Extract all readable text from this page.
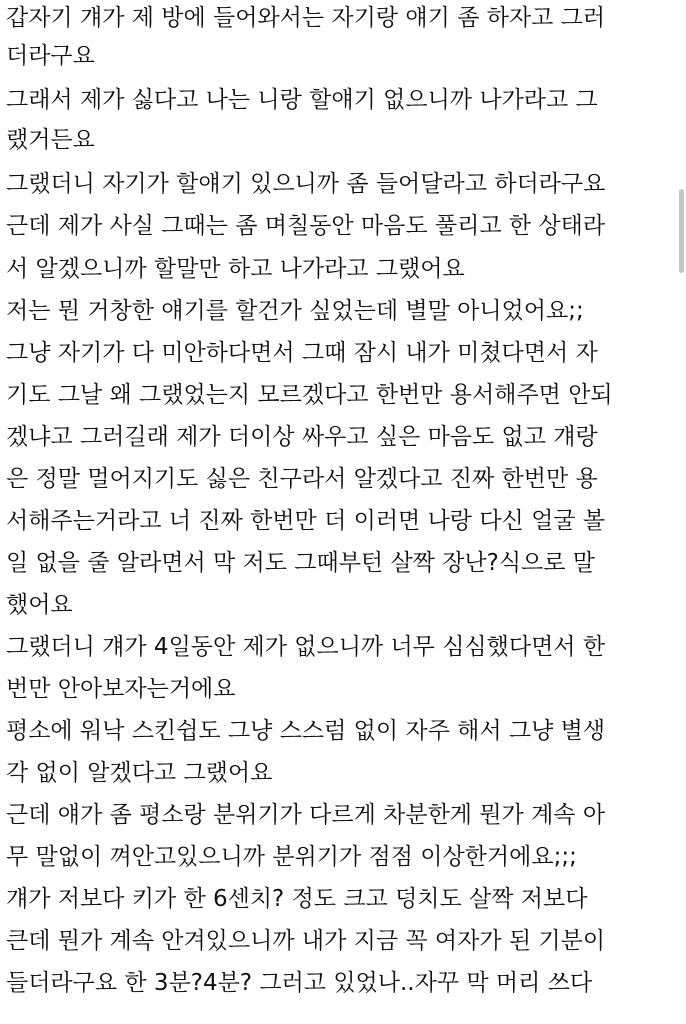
갑자기 걔가 제 방에 들어와서는 자기랑 얘기 좀 하자고 그러
더라구요
그래서 제가 싫다고 나는 니랑 할얘기 없으니까 나가라고 그
랬거든요
그랬더니 자기가 할얘기 있으니까 좀 들어달라고 하더라구요
근데 제가 사실 그때는 좀 며칠동안 마음도 풀리고 한 상태라
서 알겠으니까 할말만 하고 나가라고 그랬어요
저는 뭔 거창한 얘기를 할건가 싶었는데 별말 아니었어요;;
그냥 자기가 다 미안하다면서 그때 잠시 내가 미쳤다면서 자
기도 그날 왜 그랬었는지 모르겠다고 한번만 용서해주면 안되
겠냐고 그러길래 제가 더이상 싸우고 싶은 마음도 없고 걔랑
은 정말 멀어지기도 싫은 친구라서 알겠다고 진짜 한번만 용
서해주는거라고 너 진짜 한번만 더 이러면 나랑 다신 얼굴 볼
일 없을 줄 알라면서 막 저도 그때부턴 살짝 장난?식으로 말
했어요
그랬더니 걔가 4일동안 제가 없으니까 너무 심심했다면서 한
번만 안아보자는거에요
평소에 워낙 스킨쉽도 그냥 스스럼 없이 자주 해서 그냥 별생
각 없이 알겠다고 그랬어요
근데 얘가 좀 평소랑 분위기가 다르게 차분한게 뭔가 계속 아
무 말없이 껴안고있으니까 분위기가 점점 이상한거에요;;;
걔가 저보다 키가 한 6센치? 정도 크고 덩치도 살짝 저보다
큰데 뭔가 계속 안겨있으니까 내가 지금 꼭 여자가 된 기분이
들더라구요 한 3분?4분? 그러고 있었나..자꾸 막 머리 쓰다
